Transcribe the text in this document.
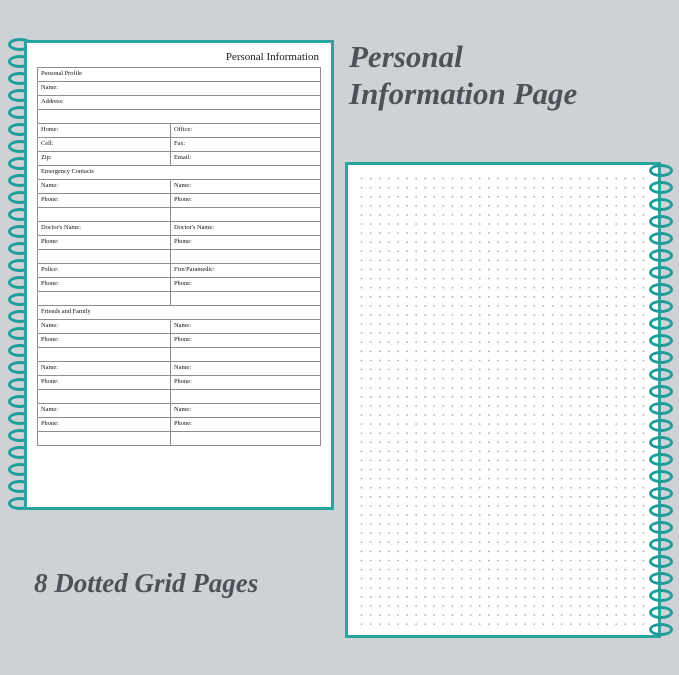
Personal Information
Personal Profile	
Name:	
Address:	

Home:	Office:
Cell:	Fax:
Zip:	Email:
Emergency Contacts	
Name:	Name:
Phone:	Phone:

Doctor's Name:	Doctor's Name:
Phone:	Phone:

Police:	Fire/Paramedic:
Phone:	Phone:

Friends and Family	
Name:	Name:
Phone:	Phone:

Name:	Name:
Phone:	Phone:

Name:	Name:
Phone:	Phone:

Personal
Information Page
8 Dotted Grid Pages
